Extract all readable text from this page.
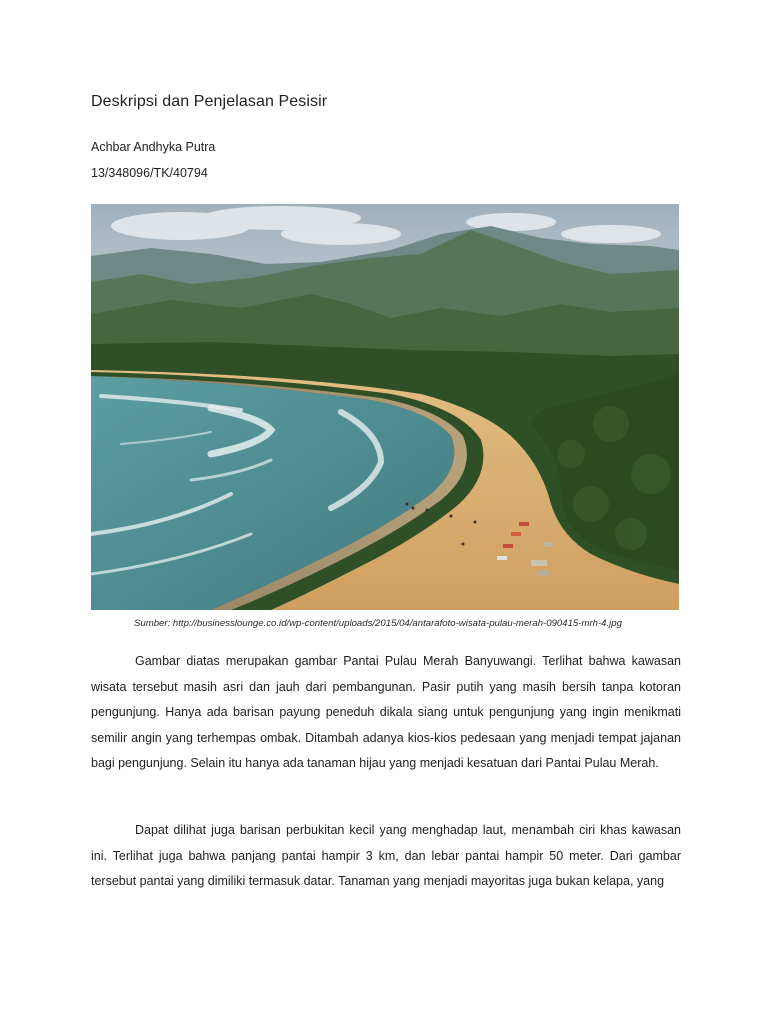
Deskripsi dan Penjelasan Pesisir
Achbar Andhyka Putra
13/348096/TK/40794
Sumber: http://businesslounge.co.id/wp-content/uploads/2015/04/antarafoto-wisata-pulau-merah-090415-mrh-4.jpg

Gambar diatas merupakan gambar Pantai Pulau Merah Banyuwangi. Terlihat bahwa kawasan wisata tersebut masih asri dan jauh dari pembangunan. Pasir putih yang masih bersih tanpa kotoran pengunjung. Hanya ada barisan payung peneduh dikala siang untuk pengunjung yang ingin menikmati semilir angin yang terhempas ombak. Ditambah adanya kios-kios pedesaan yang menjadi tempat jajanan bagi pengunjung. Selain itu hanya ada tanaman hijau yang menjadi kesatuan dari Pantai Pulau Merah.

Dapat dilihat juga barisan perbukitan kecil yang menghadap laut, menambah ciri khas kawasan ini. Terlihat juga bahwa panjang pantai hampir 3 km, dan lebar pantai hampir 50 meter. Dari gambar tersebut pantai yang dimiliki termasuk datar. Tanaman yang menjadi mayoritas juga bukan kelapa, yang
